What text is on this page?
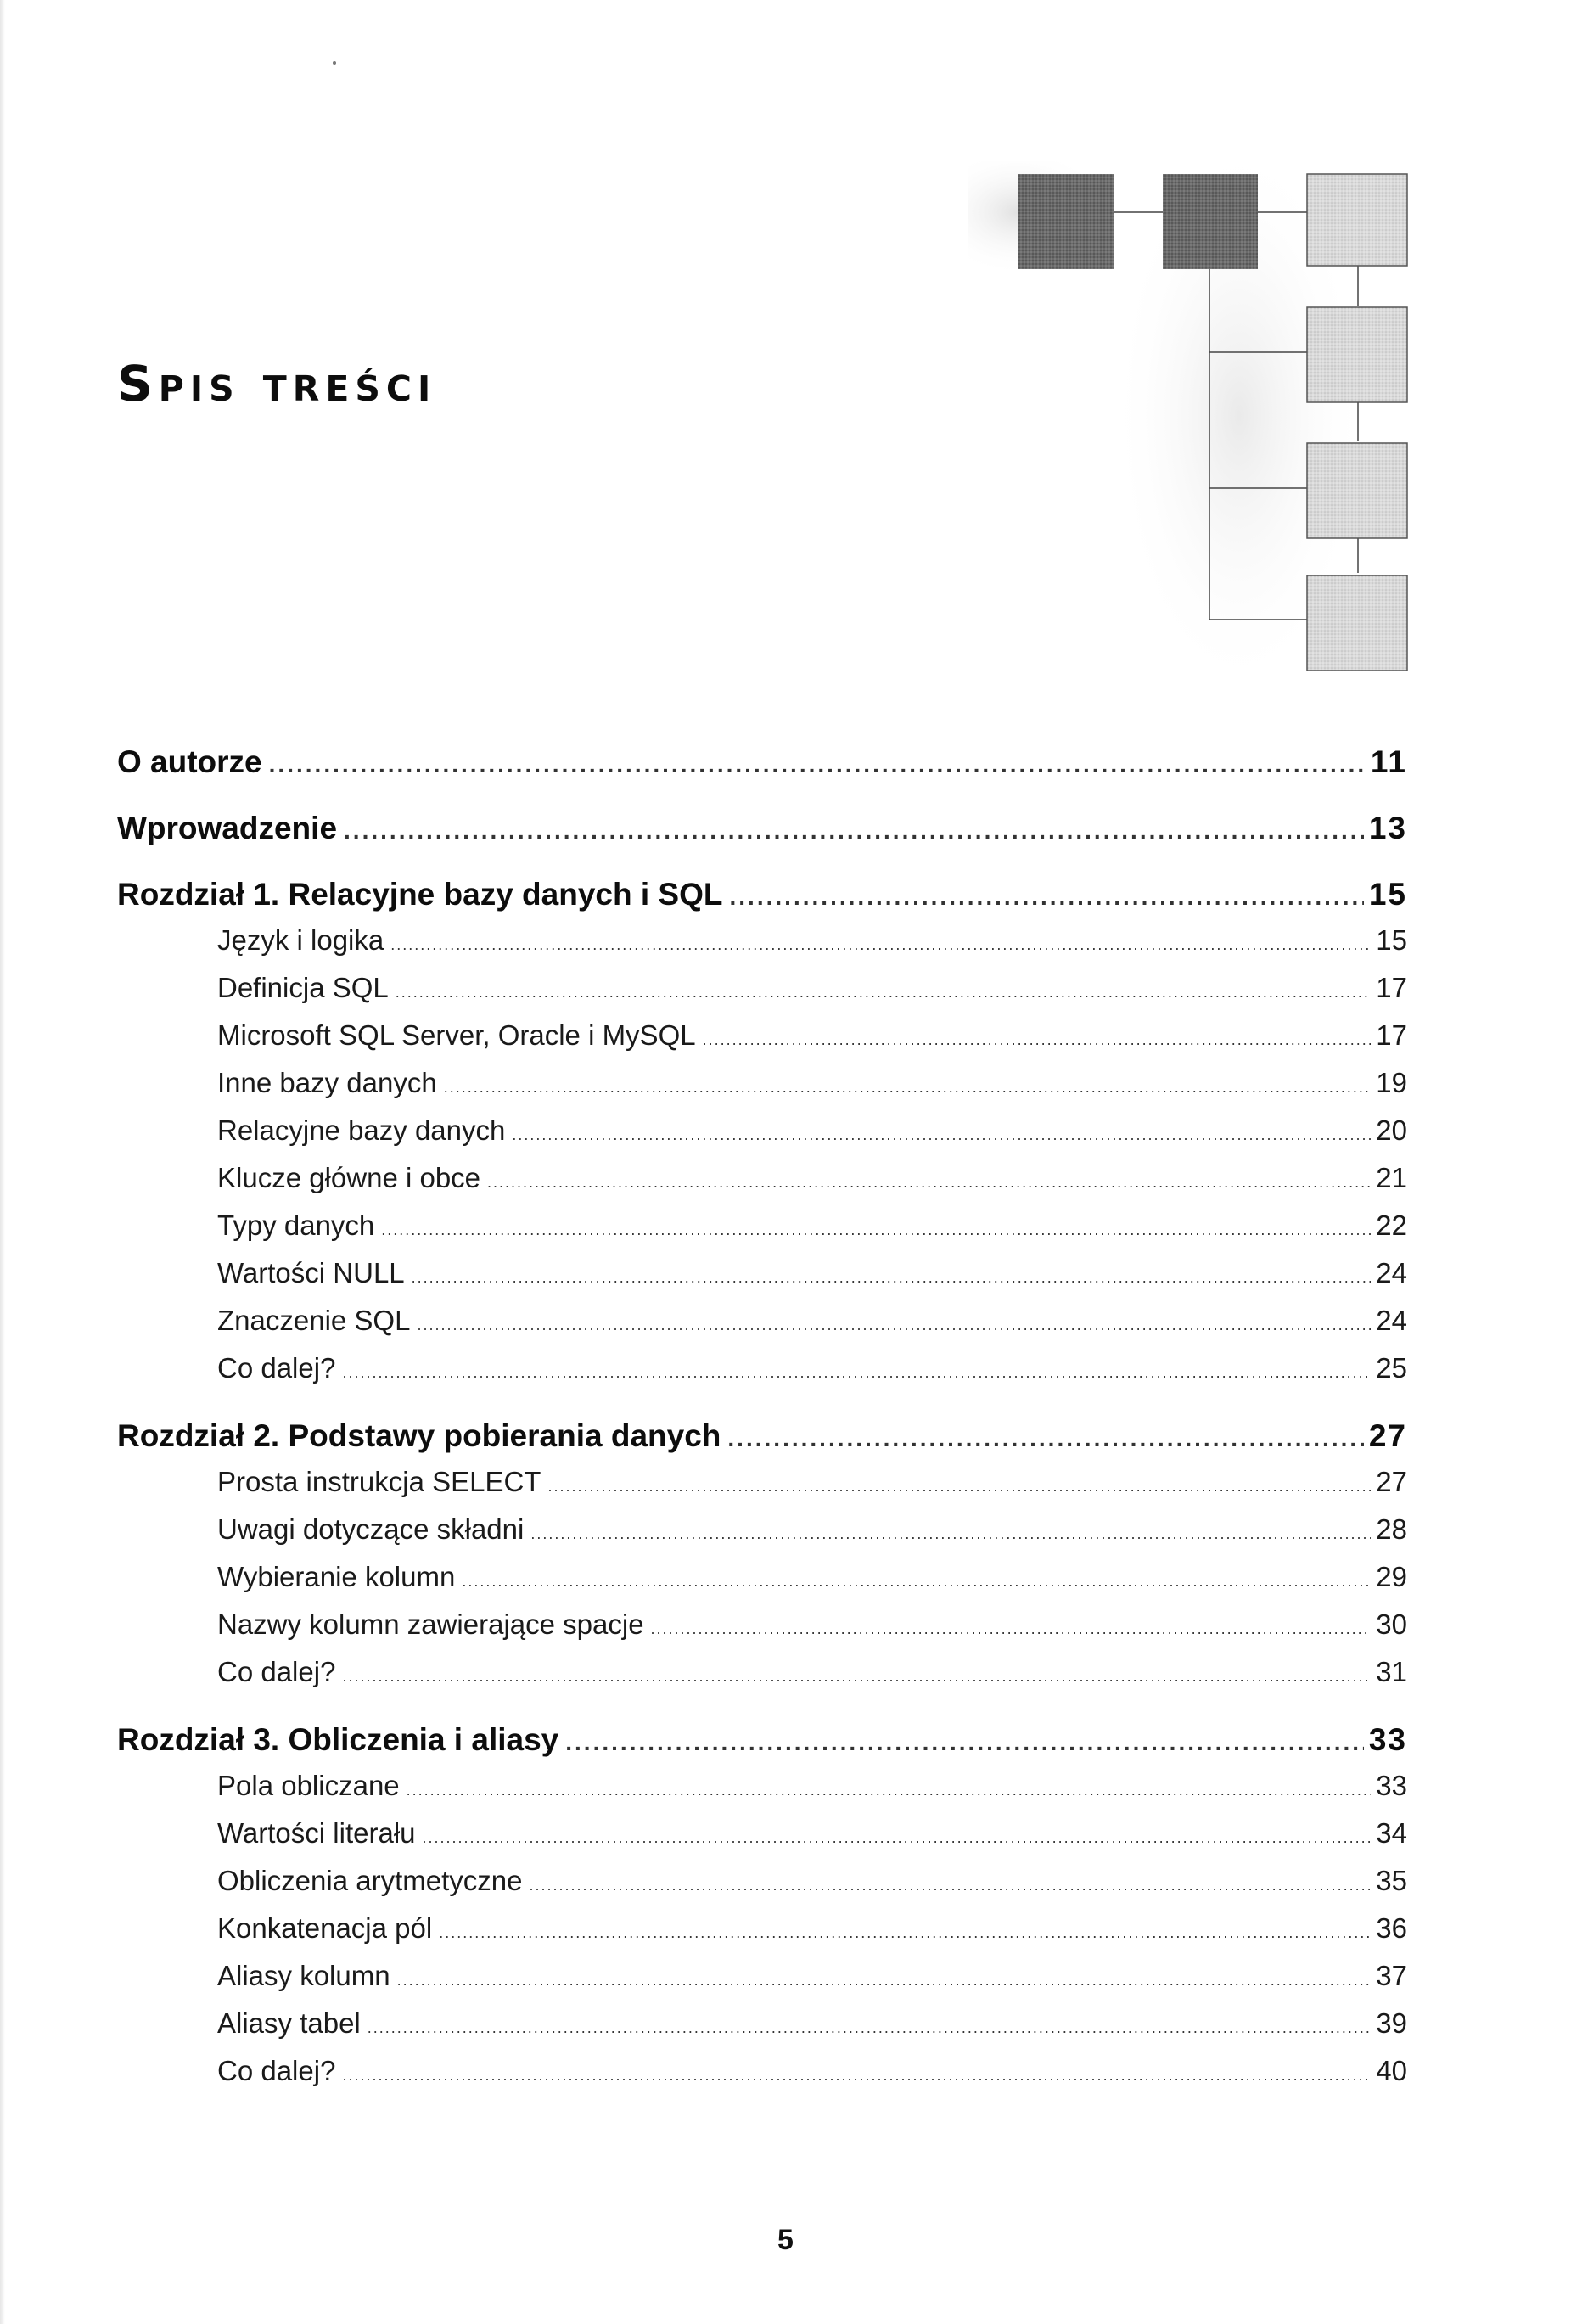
Spis treści
O autorze .....	11
Wprowadzenie .....	13
Rozdział 1. Relacyjne bazy danych i SQL .....	15
Język i logika .....	15
Definicja SQL .....	17
Microsoft SQL Server, Oracle i MySQL .....	17
Inne bazy danych .....	19
Relacyjne bazy danych .....	20
Klucze główne i obce .....	21
Typy danych .....	22
Wartości NULL .....	24
Znaczenie SQL .....	24
Co dalej? .....	25
Rozdział 2. Podstawy pobierania danych .....	27
Prosta instrukcja SELECT .....	27
Uwagi dotyczące składni .....	28
Wybieranie kolumn .....	29
Nazwy kolumn zawierające spacje .....	30
Co dalej? .....	31
Rozdział 3. Obliczenia i aliasy .....	33
Pola obliczane .....	33
Wartości literału .....	34
Obliczenia arytmetyczne .....	35
Konkatenacja pól .....	36
Aliasy kolumn .....	37
Aliasy tabel .....	39
Co dalej? .....	40
5
